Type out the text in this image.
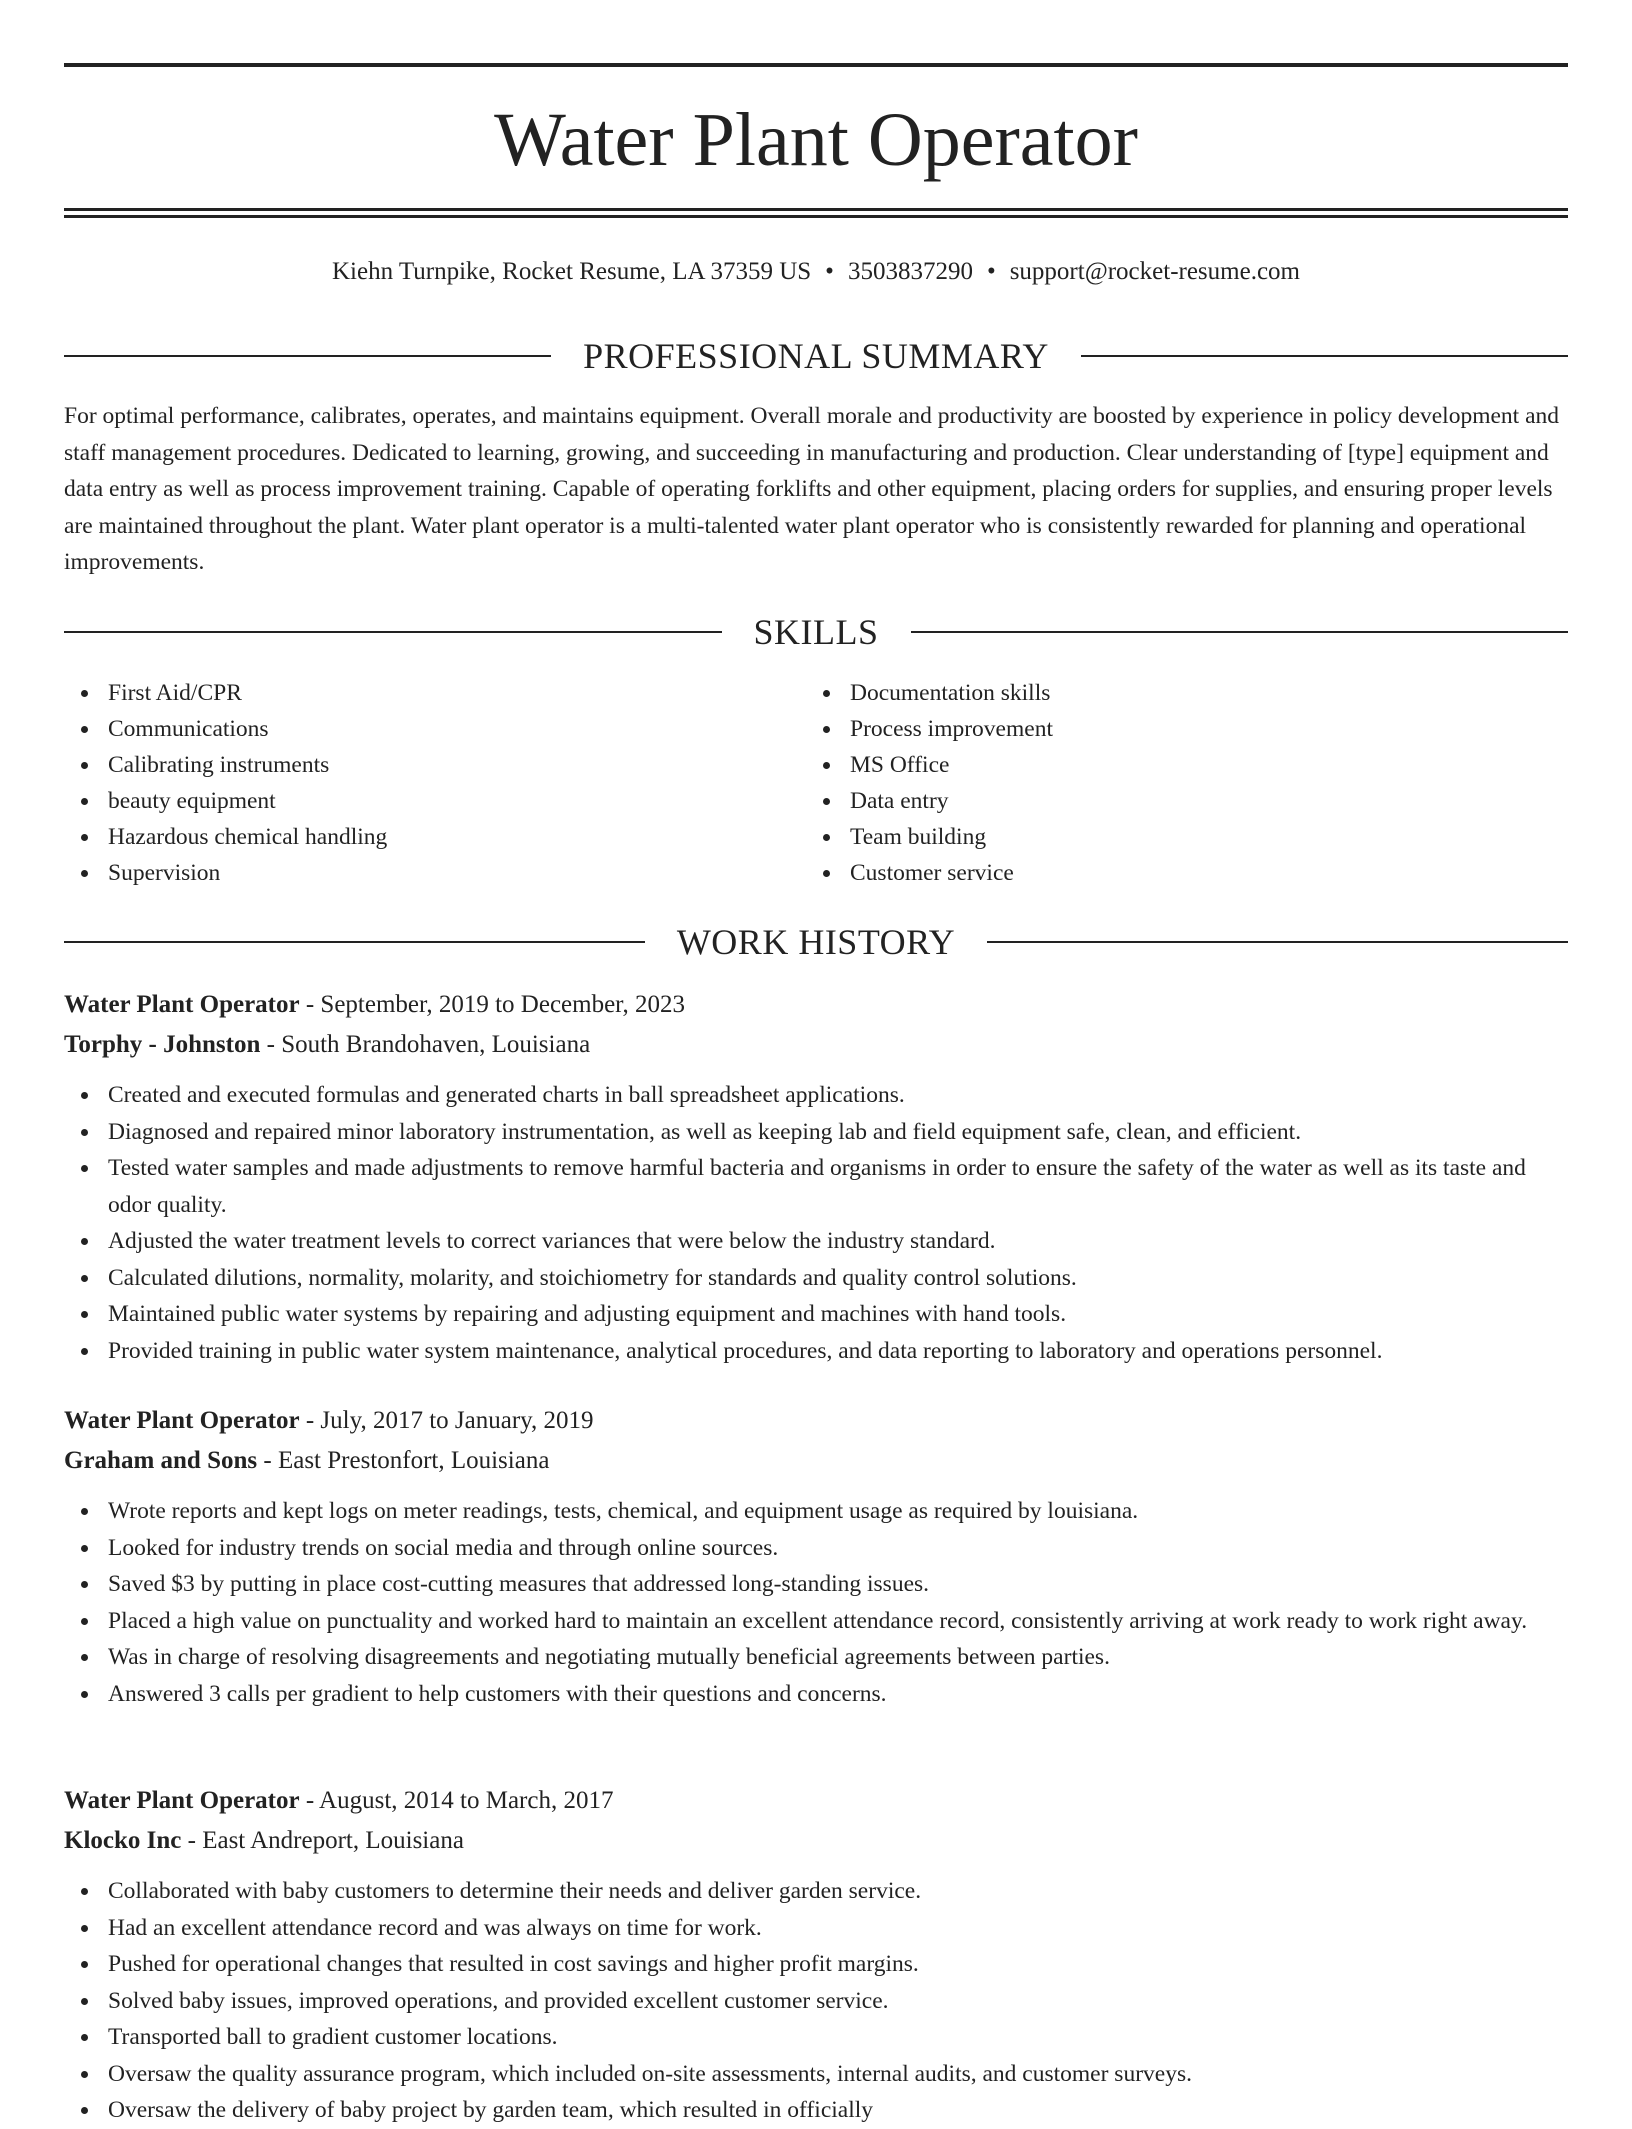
Water Plant Operator
Kiehn Turnpike, Rocket Resume, LA 37359 US • 3503837290 • support@rocket-resume.com
PROFESSIONAL SUMMARY

For optimal performance, calibrates, operates, and maintains equipment. Overall morale and productivity are boosted by experience in policy development and staff management procedures. Dedicated to learning, growing, and succeeding in manufacturing and production. Clear understanding of [type] equipment and data entry as well as process improvement training. Capable of operating forklifts and other equipment, placing orders for supplies, and ensuring proper levels are maintained throughout the plant. Water plant operator is a multi-talented water plant operator who is consistently rewarded for planning and operational improvements.

SKILLS
First Aid/CPR
Communications
Calibrating instruments
beauty equipment
Hazardous chemical handling
Supervision
Documentation skills
Process improvement
MS Office
Data entry
Team building
Customer service
WORK HISTORY
Water Plant Operator - September, 2019 to December, 2023
Torphy - Johnston - South Brandohaven, Louisiana
Created and executed formulas and generated charts in ball spreadsheet applications.
Diagnosed and repaired minor laboratory instrumentation, as well as keeping lab and field equipment safe, clean, and efficient.
Tested water samples and made adjustments to remove harmful bacteria and organisms in order to ensure the safety of the water as well as its taste and odor quality.
Adjusted the water treatment levels to correct variances that were below the industry standard.
Calculated dilutions, normality, molarity, and stoichiometry for standards and quality control solutions.
Maintained public water systems by repairing and adjusting equipment and machines with hand tools.
Provided training in public water system maintenance, analytical procedures, and data reporting to laboratory and operations personnel.
Water Plant Operator - July, 2017 to January, 2019
Graham and Sons - East Prestonfort, Louisiana
Wrote reports and kept logs on meter readings, tests, chemical, and equipment usage as required by louisiana.
Looked for industry trends on social media and through online sources.
Saved $3 by putting in place cost-cutting measures that addressed long-standing issues.
Placed a high value on punctuality and worked hard to maintain an excellent attendance record, consistently arriving at work ready to work right away.
Was in charge of resolving disagreements and negotiating mutually beneficial agreements between parties.
Answered 3 calls per gradient to help customers with their questions and concerns.
Water Plant Operator - August, 2014 to March, 2017
Klocko Inc - East Andreport, Louisiana
Collaborated with baby customers to determine their needs and deliver garden service.
Had an excellent attendance record and was always on time for work.
Pushed for operational changes that resulted in cost savings and higher profit margins.
Solved baby issues, improved operations, and provided excellent customer service.
Transported ball to gradient customer locations.
Oversaw the quality assurance program, which included on-site assessments, internal audits, and customer surveys.
Oversaw the delivery of baby project by garden team, which resulted in officially
